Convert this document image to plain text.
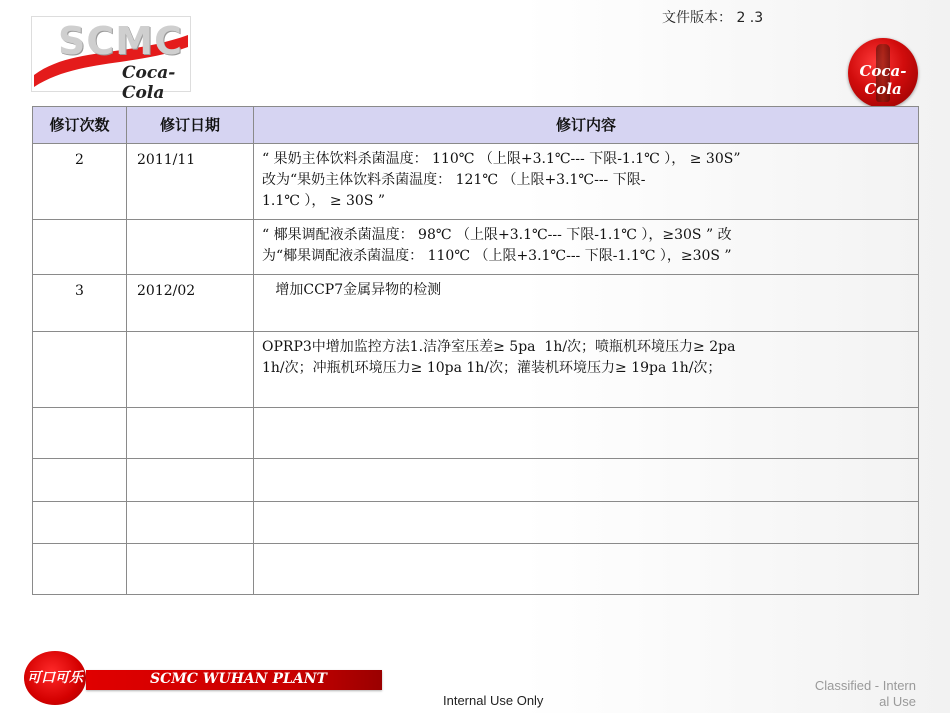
SCMC
Coca-Cola
文件版本： 2 .3
Coca-Cola
修订次数	修订日期	修订内容
2	2011/11	“ 果奶主体饮料杀菌温度： 110℃ （上限+3.1℃--- 下限-1.1℃ ）， ≥ 30S”
改为“果奶主体饮料杀菌温度： 121℃ （上限+3.1℃--- 下限-
1.1℃ ）， ≥ 30S ”
		“ 椰果调配液杀菌温度： 98℃ （上限+3.1℃--- 下限-1.1℃ ），≥30S ” 改
为“椰果调配液杀菌温度： 110℃ （上限+3.1℃--- 下限-1.1℃ ），≥30S ”
3	2012/02	增加CCP7金属异物的检测
		OPRP3中增加监控方法1.洁净室压差≥ 5pa  1h/次；喷瓶机环境压力≥ 2pa
1h/次；冲瓶机环境压力≥ 10pa 1h/次；灌装机环境压力≥ 19pa 1h/次；

可口可乐	SCMC WUHAN PLANT
Internal Use Only
Classified - Intern
al Use
